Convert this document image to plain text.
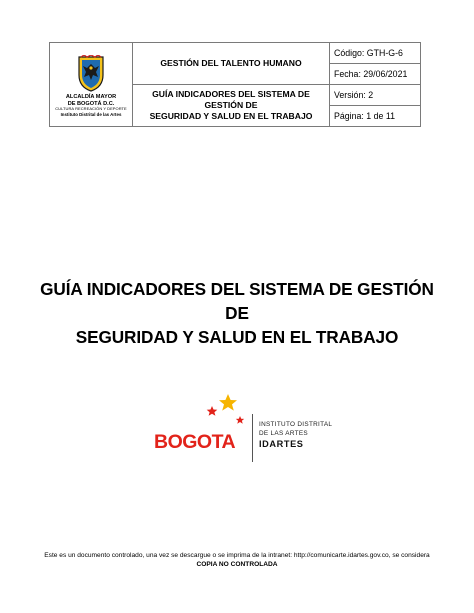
ALCALDÍA MAYOR
DE BOGOTÁ D.C.
CULTURA RECREACIÓN Y DEPORTE
Instituto Distrital de las Artes	GESTIÓN DEL TALENTO HUMANO	Código: GTH-G-6
		Fecha: 29/06/2021

	GUÍA INDICADORES DEL SISTEMA DE GESTIÓN DE
SEGURIDAD Y SALUD EN EL TRABAJO	Versión: 2
		Página: 1 de 11
GUÍA INDICADORES DEL SISTEMA DE GESTIÓN DE
SEGURIDAD Y SALUD EN EL TRABAJO
BOGOTA
INSTITUTO DISTRITAL
DE LAS ARTES
IDARTES
Este es un documento controlado, una vez se descargue o se imprima de la intranet: http://comunicarte.idartes.gov.co, se considera
COPIA NO CONTROLADA
